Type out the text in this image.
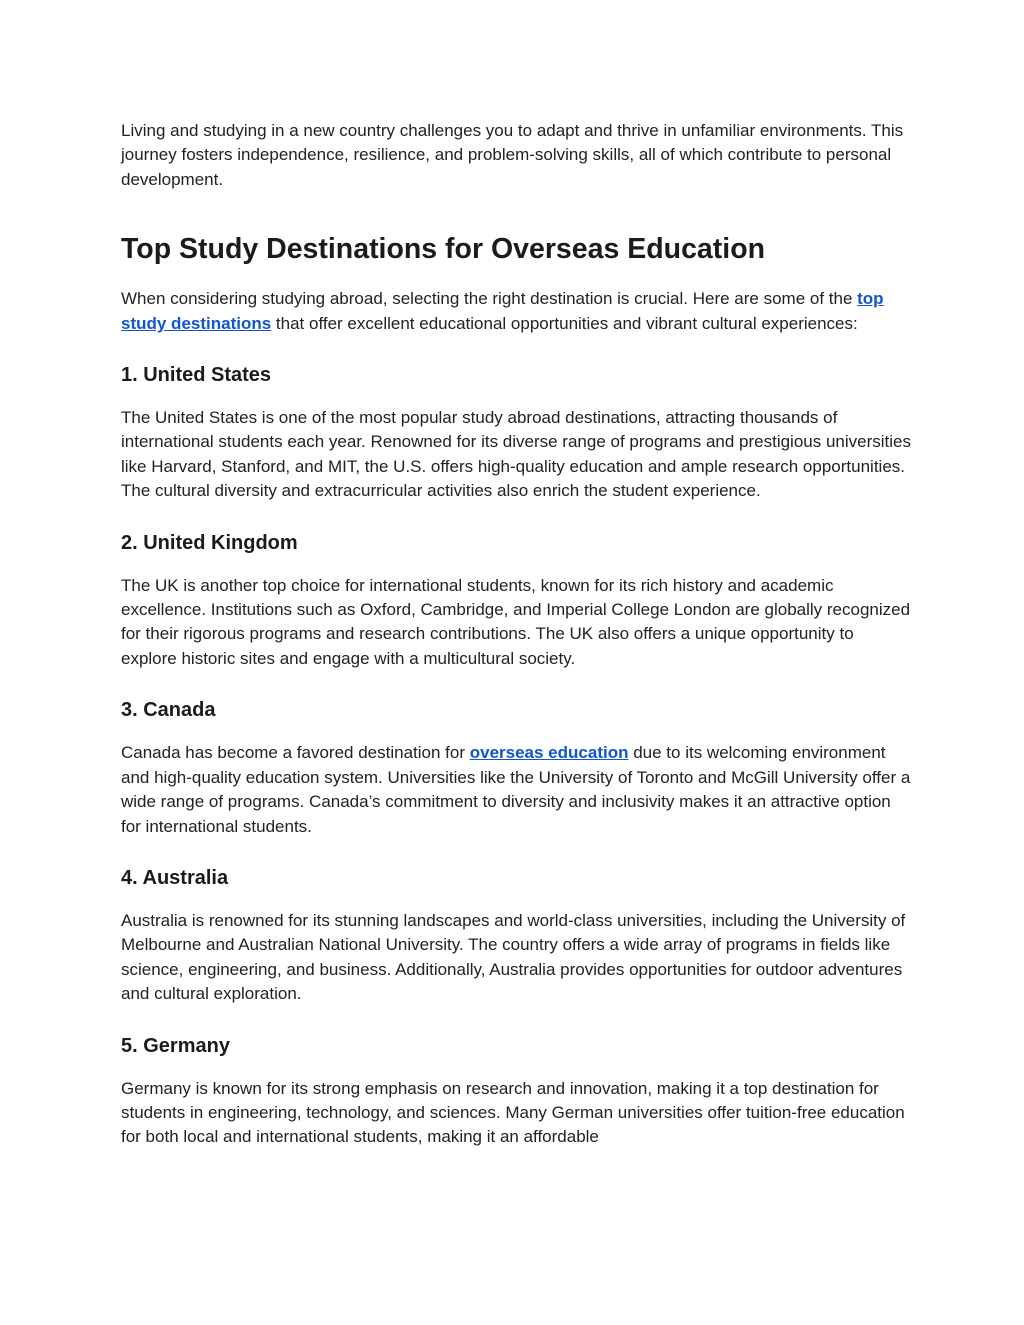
Living and studying in a new country challenges you to adapt and thrive in unfamiliar environments. This journey fosters independence, resilience, and problem-solving skills, all of which contribute to personal development.

Top Study Destinations for Overseas Education

When considering studying abroad, selecting the right destination is crucial. Here are some of the top study destinations that offer excellent educational opportunities and vibrant cultural experiences:

1. United States

The United States is one of the most popular study abroad destinations, attracting thousands of international students each year. Renowned for its diverse range of programs and prestigious universities like Harvard, Stanford, and MIT, the U.S. offers high-quality education and ample research opportunities. The cultural diversity and extracurricular activities also enrich the student experience.

2. United Kingdom

The UK is another top choice for international students, known for its rich history and academic excellence. Institutions such as Oxford, Cambridge, and Imperial College London are globally recognized for their rigorous programs and research contributions. The UK also offers a unique opportunity to explore historic sites and engage with a multicultural society.

3. Canada

Canada has become a favored destination for overseas education due to its welcoming environment and high-quality education system. Universities like the University of Toronto and McGill University offer a wide range of programs. Canada’s commitment to diversity and inclusivity makes it an attractive option for international students.

4. Australia

Australia is renowned for its stunning landscapes and world-class universities, including the University of Melbourne and Australian National University. The country offers a wide array of programs in fields like science, engineering, and business. Additionally, Australia provides opportunities for outdoor adventures and cultural exploration.

5. Germany

Germany is known for its strong emphasis on research and innovation, making it a top destination for students in engineering, technology, and sciences. Many German universities offer tuition-free education for both local and international students, making it an affordable
